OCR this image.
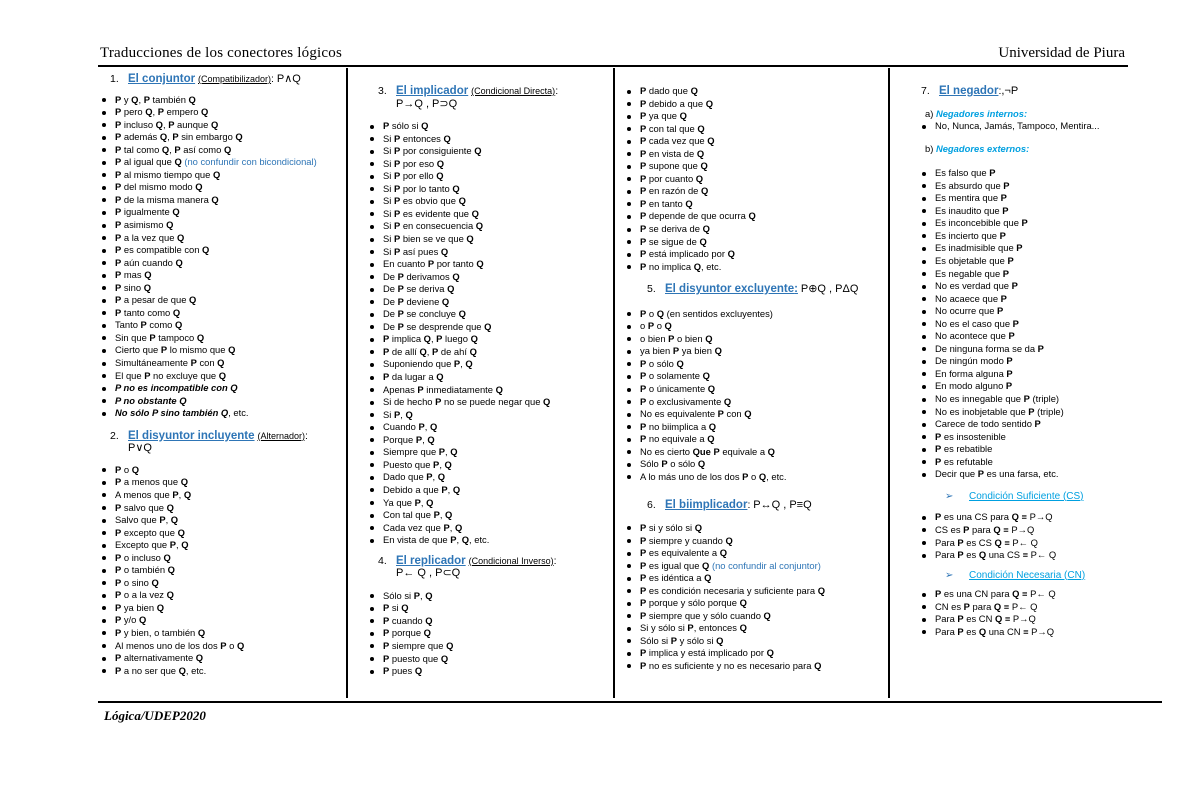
Traducciones de los conectores lógicos	Universidad de Piura
1. El conjuntor (Compatibilizador): P∧Q
P y Q, P también Q
P pero Q, P empero Q
P incluso Q, P aunque Q
P además Q, P sin embargo Q
P tal como Q, P así como Q
P al igual que Q (no confundir con bicondicional)
P al mismo tiempo que Q
P del mismo modo Q
P de la misma manera Q
P igualmente Q
P asimismo Q
P a la vez que Q
P es compatible con Q
P aún cuando Q
P mas Q
P sino Q
P a pesar de que Q
P tanto como Q
Tanto P como Q
Sin que P tampoco Q
Cierto que P lo mismo que Q
Simultáneamente P con Q
El que P no excluye que Q
P no es incompatible con Q
P no obstante Q
No sólo P sino también Q, etc.
2. El disyuntor incluyente (Alternador):
P∨Q
P o Q
P a menos que Q
A menos que P, Q
P salvo que Q
Salvo que P, Q
P excepto que Q
Excepto que P, Q
P o incluso Q
P o también Q
P o sino Q
P o a la vez Q
P ya bien Q
P y/o Q
P y bien, o también Q
Al menos uno de los dos P o Q
P alternativamente Q
P a no ser que Q, etc.
3. El implicador (Condicional Directa):
P→Q , P⊃Q
P sólo si Q
Si P entonces Q
Si P por consiguiente Q
Si P por eso Q
Si P por ello Q
Si P por lo tanto Q
Si P es obvio que Q
Si P es evidente que Q
Si P en consecuencia Q
Si P bien se ve que Q
Si P así pues Q
En cuanto P por tanto Q
De P derivamos Q
De P se deriva Q
De P deviene Q
De P se concluye Q
De P se desprende que Q
P implica Q, P luego Q
P de allí Q, P de ahí Q
Suponiendo que P, Q
P da lugar a Q
Apenas P inmediatamente Q
Si de hecho P no se puede negar que Q
Si P, Q
Cuando P, Q
Porque P, Q
Siempre que P, Q
Puesto que P, Q
Dado que P, Q
Debido a que P, Q
Ya que P, Q
Con tal que P, Q
Cada vez que P, Q
En vista de que P, Q, etc.
4. El replicador (Condicional Inverso):
P← Q , P⊂Q
Sólo si P, Q
P si Q
P cuando Q
P porque Q
P siempre que Q
P puesto que Q
P pues Q
P dado que Q
P debido a que Q
P ya que Q
P con tal que Q
P cada vez que Q
P en vista de Q
P supone que Q
P por cuanto Q
P en razón de Q
P en tanto Q
P depende de que ocurra Q
P se deriva de Q
P se sigue de Q
P está implicado por Q
P no implica Q, etc.
5. El disyuntor excluyente: P⊕Q , PΔQ
P o Q (en sentidos excluyentes)
o P o Q
o bien P o bien Q
ya bien P ya bien Q
P o sólo Q
P o solamente Q
P o únicamente Q
P o exclusivamente Q
No es equivalente P con Q
P no biimplica a Q
P no equivale a Q
No es cierto Que P equivale a Q
Sólo P o sólo Q
A lo más uno de los dos P o Q, etc.
6. El biimplicador: P↔Q , P≡Q
P si y sólo si Q
P siempre y cuando Q
P es equivalente a Q
P es igual que Q (no confundir al conjuntor)
P es idéntica a Q
P es condición necesaria y suficiente para Q
P porque y sólo porque Q
P siempre que y sólo cuando Q
Si y sólo si P, entonces Q
Sólo si P y sólo si Q
P implica y está implicado por Q
P no es suficiente y no es necesario para Q
7. El negador:,¬P
a) Negadores internos:
No, Nunca, Jamás, Tampoco, Mentira...
b) Negadores externos:
Es falso que P
Es absurdo que P
Es mentira que P
Es inaudito que P
Es inconcebible que P
Es incierto que P
Es inadmisible que P
Es objetable que P
Es negable que P
No es verdad que P
No acaece que P
No ocurre que P
No es el caso que P
No acontece que P
De ninguna forma se da P
De ningún modo P
En forma alguna P
En modo alguno P
No es innegable que P (triple)
No es inobjetable que P (triple)
Carece de todo sentido P
P es insostenible
P es rebatible
P es refutable
Decir que P es una farsa, etc.
➢ Condición Suficiente (CS)
P es una CS para Q ≡ P→Q
CS es P para Q ≡ P→Q
Para P es CS Q ≡ P← Q
Para P es Q una CS ≡ P← Q
➢ Condición Necesaria (CN)
P es una CN para Q ≡ P← Q
CN es P para Q ≡ P← Q
Para P es CN Q ≡ P→Q
Para P es Q una CN ≡ P→Q
Lógica/UDEP2020
